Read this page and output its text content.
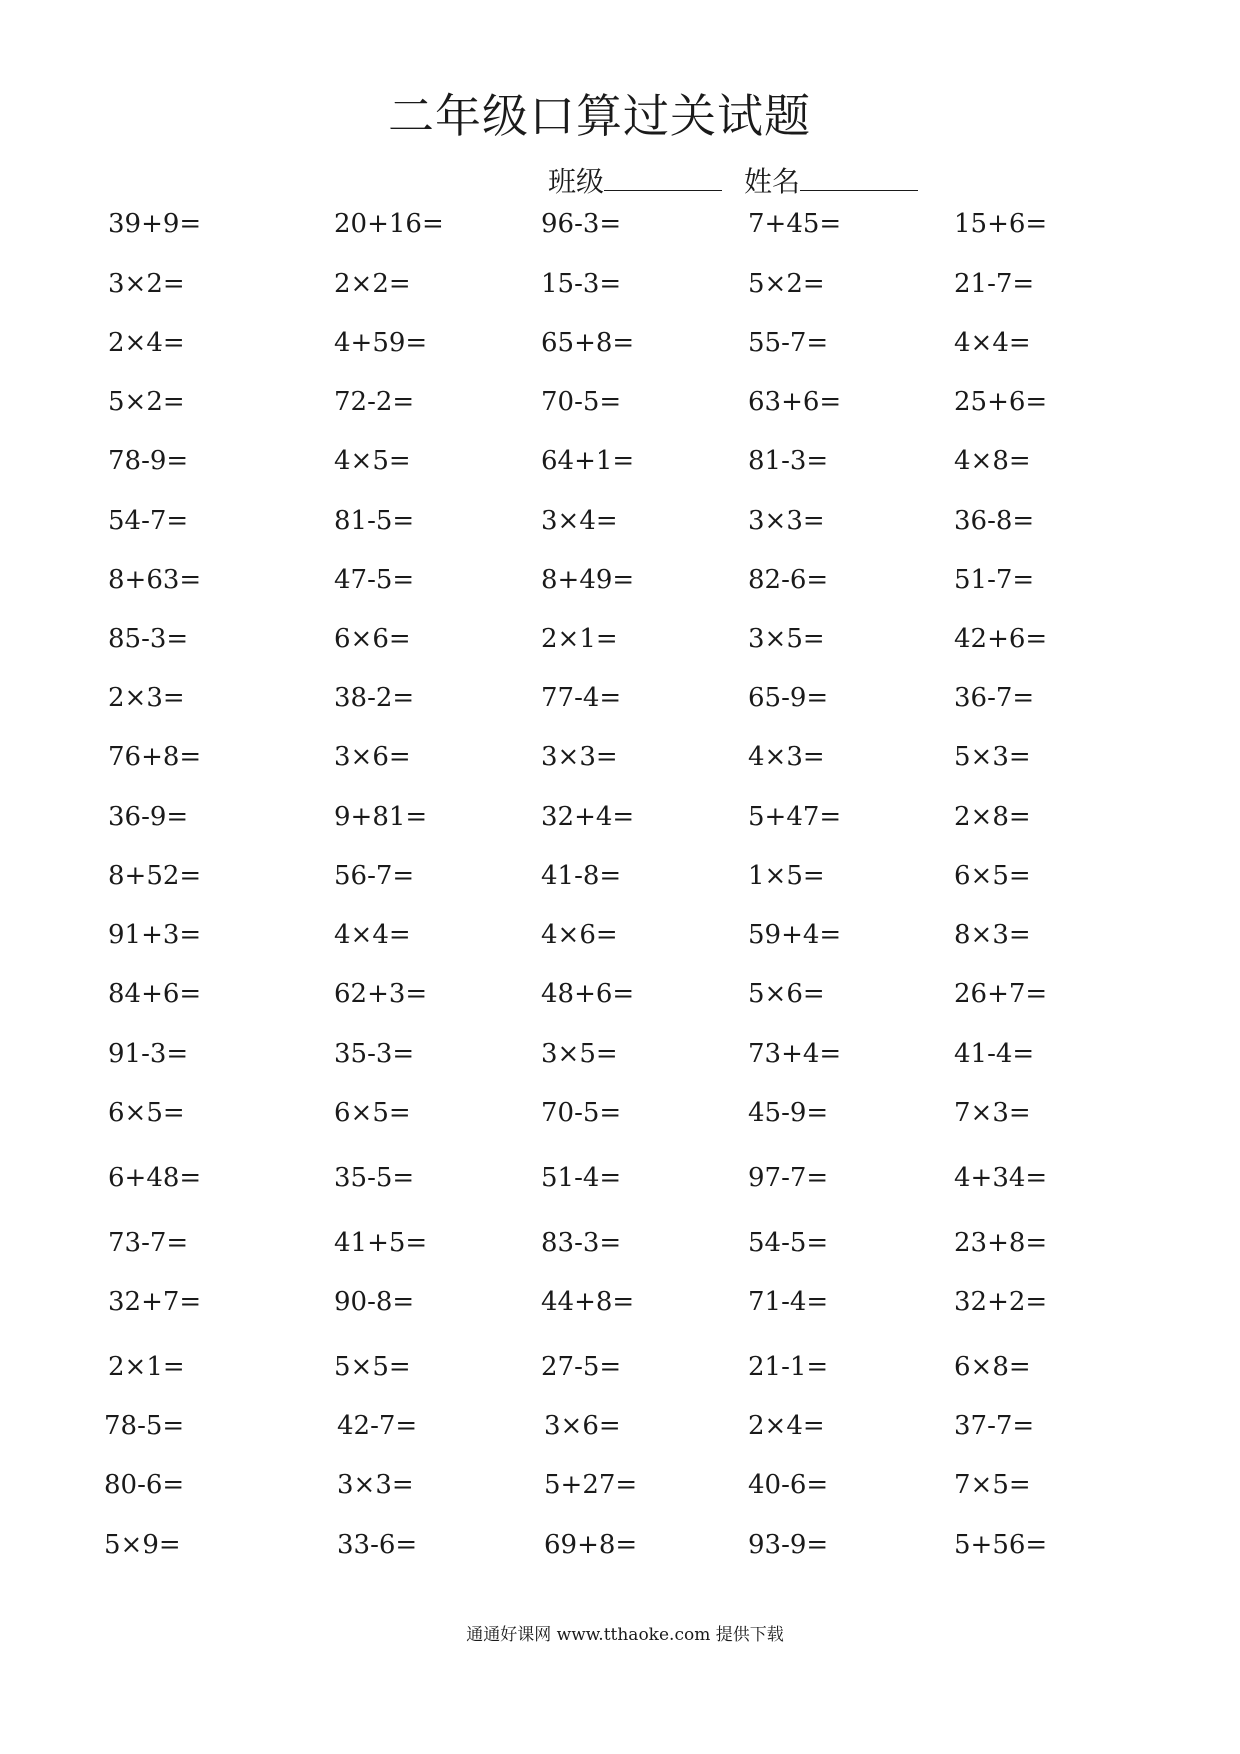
二年级口算过关试题
班级	姓名
39+9=	20+16=	96-3=	7+45=	15+6=
3×2=	2×2=	15-3=	5×2=	21-7=
2×4=	4+59=	65+8=	55-7=	4×4=
5×2=	72-2=	70-5=	63+6=	25+6=
78-9=	4×5=	64+1=	81-3=	4×8=
54-7=	81-5=	3×4=	3×3=	36-8=
8+63=	47-5=	8+49=	82-6=	51-7=
85-3=	6×6=	2×1=	3×5=	42+6=
2×3=	38-2=	77-4=	65-9=	36-7=
76+8=	3×6=	3×3=	4×3=	5×3=
36-9=	9+81=	32+4=	5+47=	2×8=
8+52=	56-7=	41-8=	1×5=	6×5=
91+3=	4×4=	4×6=	59+4=	8×3=
84+6=	62+3=	48+6=	5×6=	26+7=
91-3=	35-3=	3×5=	73+4=	41-4=
6×5=	6×5=	70-5=	45-9=	7×3=
6+48=	35-5=	51-4=	97-7=	4+34=
73-7=	41+5=	83-3=	54-5=	23+8=
32+7=	90-8=	44+8=	71-4=	32+2=
2×1=	5×5=	27-5=	21-1=	6×8=
78-5=	42-7=	3×6=	2×4=	37-7=
80-6=	3×3=	5+27=	40-6=	7×5=
5×9=	33-6=	69+8=	93-9=	5+56=
通通好课网 www.tthaoke.com 提供下载
